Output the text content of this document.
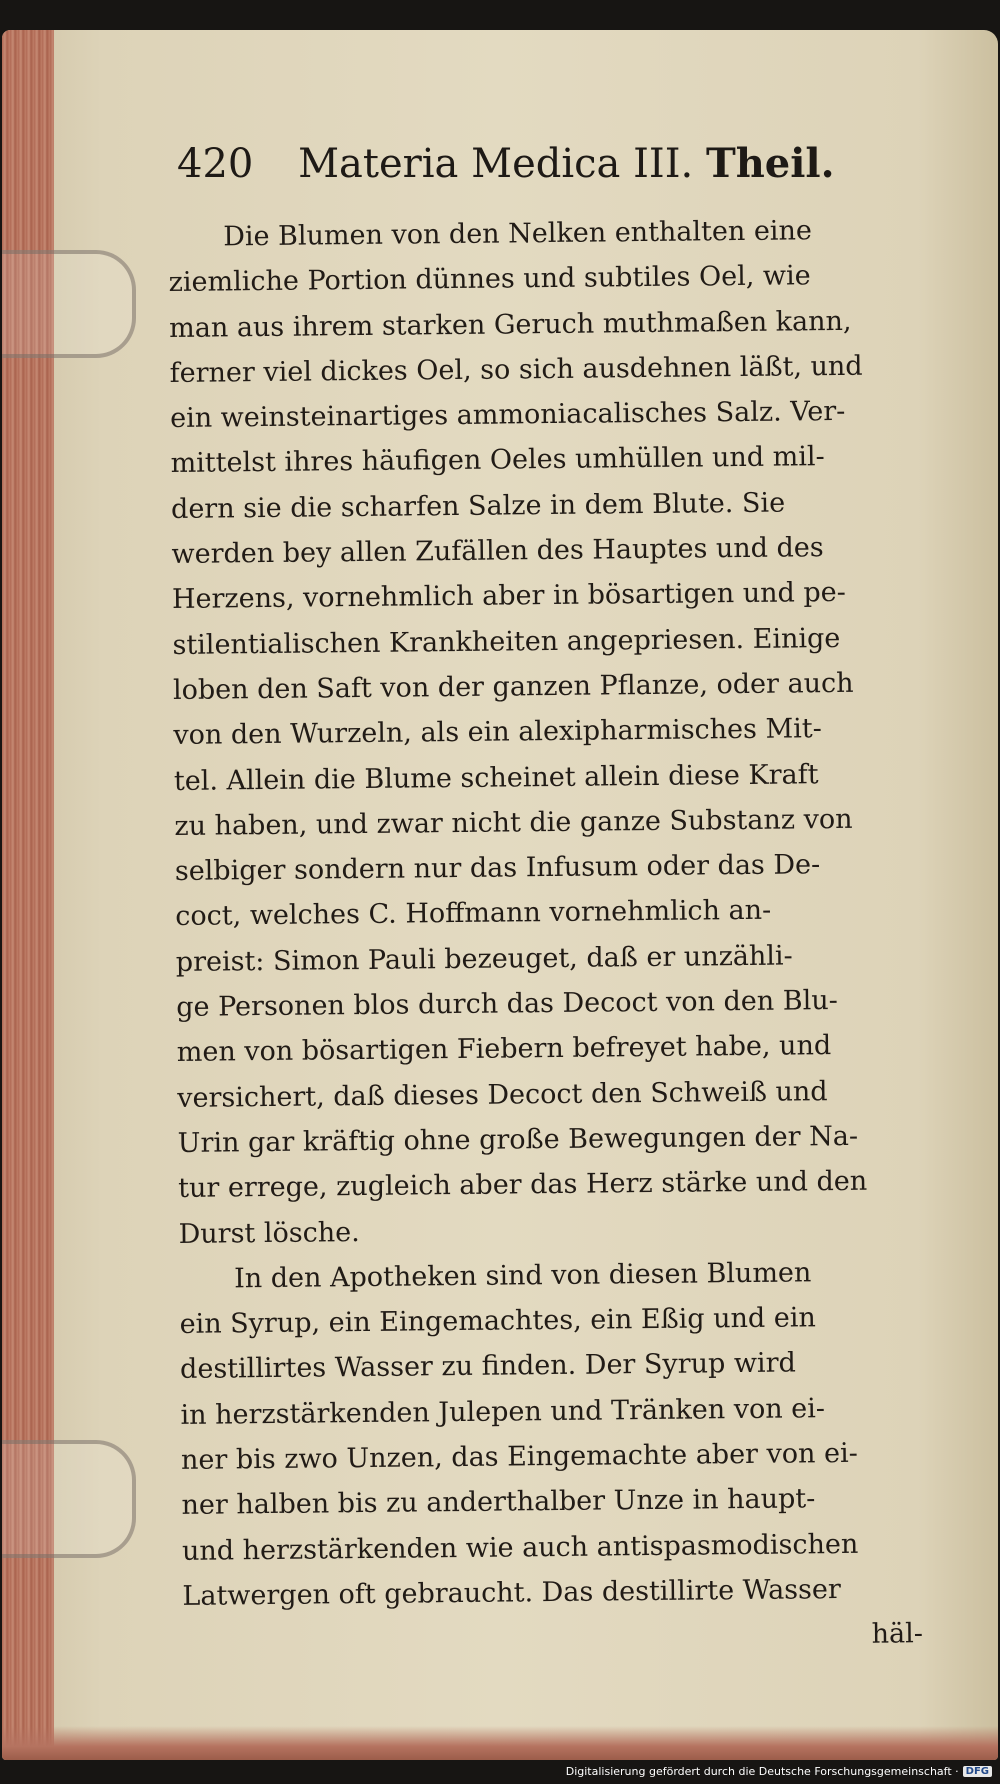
420 Materia Medica III. Theil.
Die Blumen von den Nelken enthalten eine
ziemliche Portion dünnes und subtiles Oel, wie
man aus ihrem starken Geruch muthmaßen kann,
ferner viel dickes Oel, so sich ausdehnen läßt, und
ein weinsteinartiges ammoniacalisches Salz. Ver-
mittelst ihres häufigen Oeles umhüllen und mil-
dern sie die scharfen Salze in dem Blute. Sie
werden bey allen Zufällen des Hauptes und des
Herzens, vornehmlich aber in bösartigen und pe-
stilentialischen Krankheiten angepriesen. Einige
loben den Saft von der ganzen Pflanze, oder auch
von den Wurzeln, als ein alexipharmisches Mit-
tel. Allein die Blume scheinet allein diese Kraft
zu haben, und zwar nicht die ganze Substanz von
selbiger sondern nur das Infusum oder das De-
coct, welches C. Hoffmann vornehmlich an-
preist: Simon Pauli bezeuget, daß er unzähli-
ge Personen blos durch das Decoct von den Blu-
men von bösartigen Fiebern befreyet habe, und
versichert, daß dieses Decoct den Schweiß und
Urin gar kräftig ohne große Bewegungen der Na-
tur errege, zugleich aber das Herz stärke und den
Durst lösche.
In den Apotheken sind von diesen Blumen
ein Syrup, ein Eingemachtes, ein Eßig und ein
destillirtes Wasser zu finden. Der Syrup wird
in herzstärkenden Julepen und Tränken von ei-
ner bis zwo Unzen, das Eingemachte aber von ei-
ner halben bis zu anderthalber Unze in haupt-
und herzstärkenden wie auch antispasmodischen
Latwergen oft gebraucht. Das destillirte Wasser
häl-
Digitalisierung gefördert durch die Deutsche Forschungsgemeinschaft · DFG
